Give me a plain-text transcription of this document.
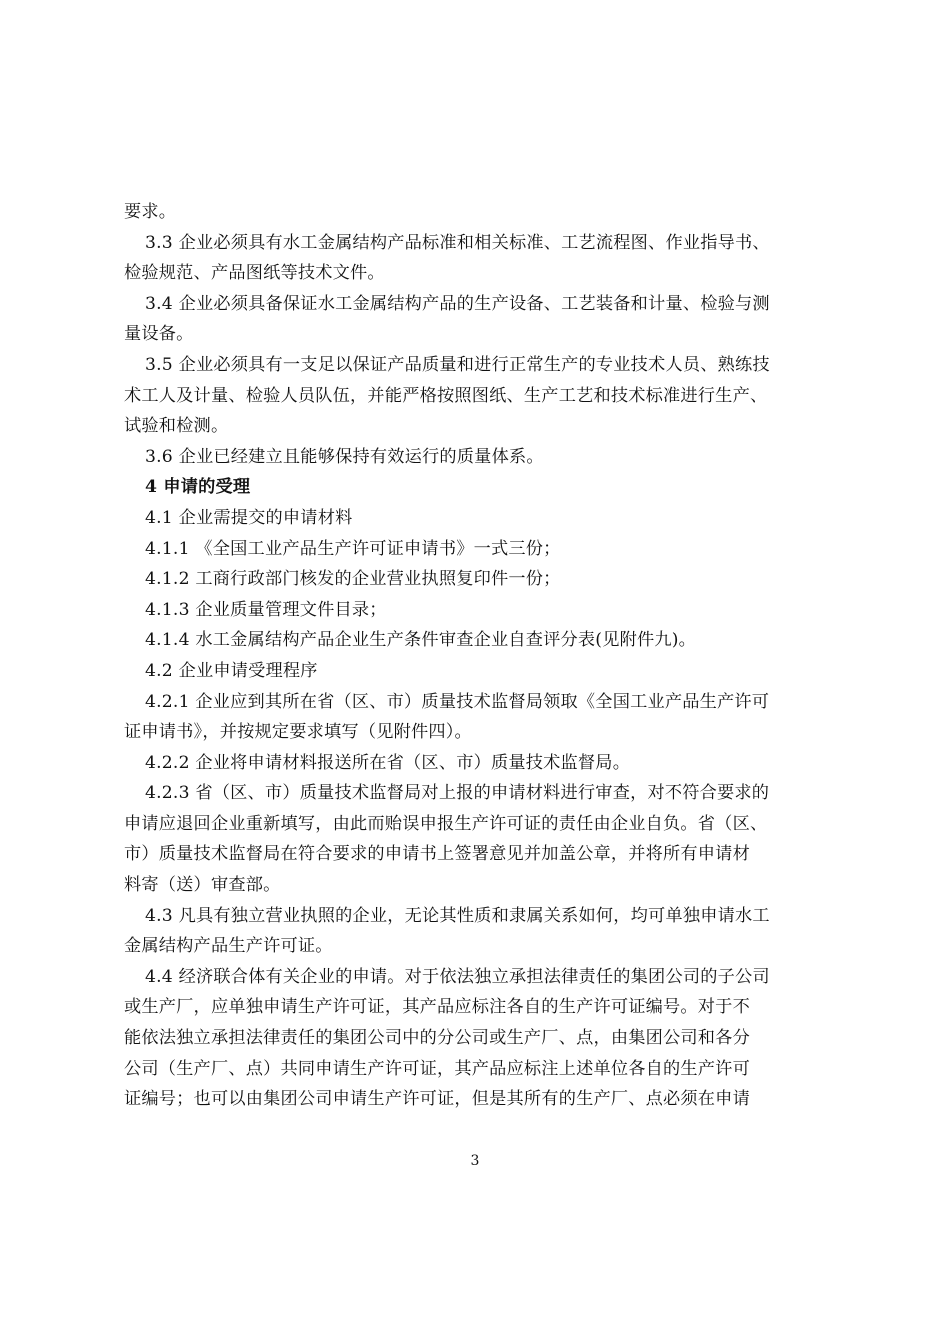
要求。

3.3 企业必须具有水工金属结构产品标准和相关标准、工艺流程图、作业指导书、

检验规范、产品图纸等技术文件。

3.4 企业必须具备保证水工金属结构产品的生产设备、工艺装备和计量、检验与测

量设备。

3.5 企业必须具有一支足以保证产品质量和进行正常生产的专业技术人员、熟练技

术工人及计量、检验人员队伍，并能严格按照图纸、生产工艺和技术标准进行生产、

试验和检测。

3.6 企业已经建立且能够保持有效运行的质量体系。

4 申请的受理

4.1 企业需提交的申请材料

4.1.1 《全国工业产品生产许可证申请书》一式三份；

4.1.2 工商行政部门核发的企业营业执照复印件一份；

4.1.3 企业质量管理文件目录；

4.1.4 水工金属结构产品企业生产条件审查企业自查评分表(见附件九)。

4.2 企业申请受理程序

4.2.1 企业应到其所在省（区、市）质量技术监督局领取《全国工业产品生产许可

证申请书》，并按规定要求填写（见附件四）。

4.2.2 企业将申请材料报送所在省（区、市）质量技术监督局。

4.2.3 省（区、市）质量技术监督局对上报的申请材料进行审查，对不符合要求的

申请应退回企业重新填写，由此而贻误申报生产许可证的责任由企业自负。省（区、

市）质量技术监督局在符合要求的申请书上签署意见并加盖公章，并将所有申请材

料寄（送）审查部。

4.3 凡具有独立营业执照的企业，无论其性质和隶属关系如何，均可单独申请水工

金属结构产品生产许可证。

4.4 经济联合体有关企业的申请。对于依法独立承担法律责任的集团公司的子公司

或生产厂，应单独申请生产许可证，其产品应标注各自的生产许可证编号。对于不

能依法独立承担法律责任的集团公司中的分公司或生产厂、点，由集团公司和各分

公司（生产厂、点）共同申请生产许可证，其产品应标注上述单位各自的生产许可

证编号；也可以由集团公司申请生产许可证，但是其所有的生产厂、点必须在申请

3
